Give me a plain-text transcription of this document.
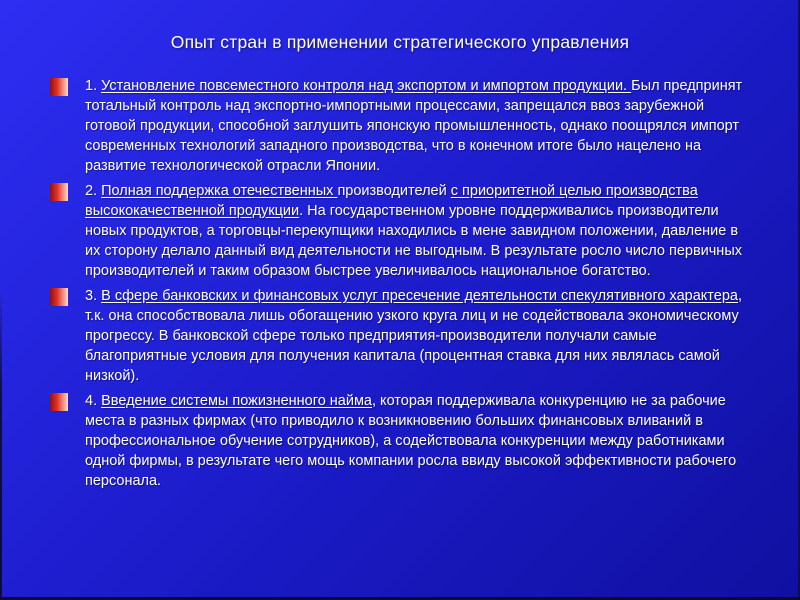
Опыт стран в применении стратегического управления
1. Установление повсеместного контроля над экспортом и импортом продукции. Был предпринят тотальный контроль над экспортно-импортными процессами, запрещался ввоз зарубежной готовой продукции, способной заглушить японскую промышленность, однако поощрялся импорт современных технологий западного производства, что в конечном итоге было нацелено на развитие технологической отрасли Японии.
2. Полная поддержка отечественных производителей с приоритетной целью производства высококачественной продукции. На государственном уровне поддерживались производители новых продуктов, а торговцы-перекупщики находились в мене завидном положении, давление в их сторону делало данный вид деятельности не выгодным. В результате росло число первичных производителей и таким образом быстрее увеличивалось национальное богатство.
3. В сфере банковских и финансовых услуг пресечение деятельности спекулятивного характера, т.к. она способствовала лишь обогащению узкого круга лиц и не содействовала экономическому прогрессу. В банковской сфере только предприятия-производители получали самые благоприятные условия для получения капитала (процентная ставка для них являлась самой низкой).
4. Введение системы пожизненного найма, которая поддерживала конкуренцию не за рабочие места в разных фирмах (что приводило к возникновению больших финансовых вливаний в профессиональное обучение сотрудников), а содействовала конкуренции между работниками одной фирмы, в результате чего мощь компании росла ввиду высокой эффективности рабочего персонала.
